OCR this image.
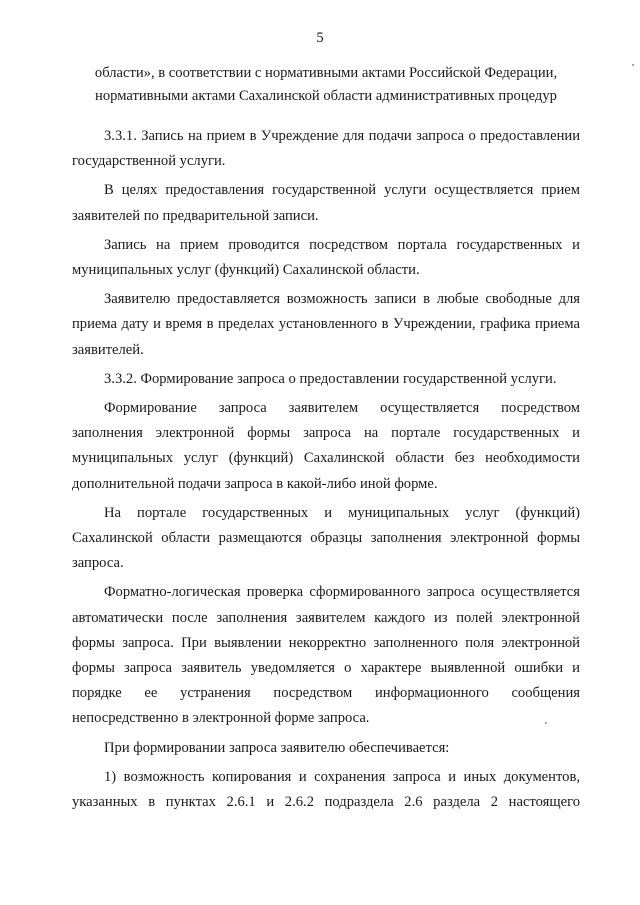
5
области», в соответствии с нормативными актами Российской Федерации,
нормативными актами Сахалинской области административных процедур

3.3.1. Запись на прием в Учреждение для подачи запроса о предоставлении государственной услуги.

В целях предоставления государственной услуги осуществляется прием заявителей по предварительной записи.

Запись на прием проводится посредством портала государственных и муниципальных услуг (функций) Сахалинской области.

Заявителю предоставляется возможность записи в любые свободные для приема дату и время в пределах установленного в Учреждении, графика приема заявителей.

3.3.2. Формирование запроса о предоставлении государственной услуги.

Формирование запроса заявителем осуществляется посредством заполнения электронной формы запроса на портале государственных и муниципальных услуг (функций) Сахалинской области без необходимости дополнительной подачи запроса в какой-либо иной форме.

На портале государственных и муниципальных услуг (функций) Сахалинской области размещаются образцы заполнения электронной формы запроса.

Форматно-логическая проверка сформированного запроса осуществляется автоматически после заполнения заявителем каждого из полей электронной формы запроса. При выявлении некорректно заполненного поля электронной формы запроса заявитель уведомляется о характере выявленной ошибки и порядке ее устранения посредством информационного сообщения непосредственно в электронной форме запроса.

При формировании запроса заявителю обеспечивается:

1) возможность копирования и сохранения запроса и иных документов, указанных в пунктах 2.6.1 и 2.6.2 подраздела 2.6 раздела 2 настоящего
